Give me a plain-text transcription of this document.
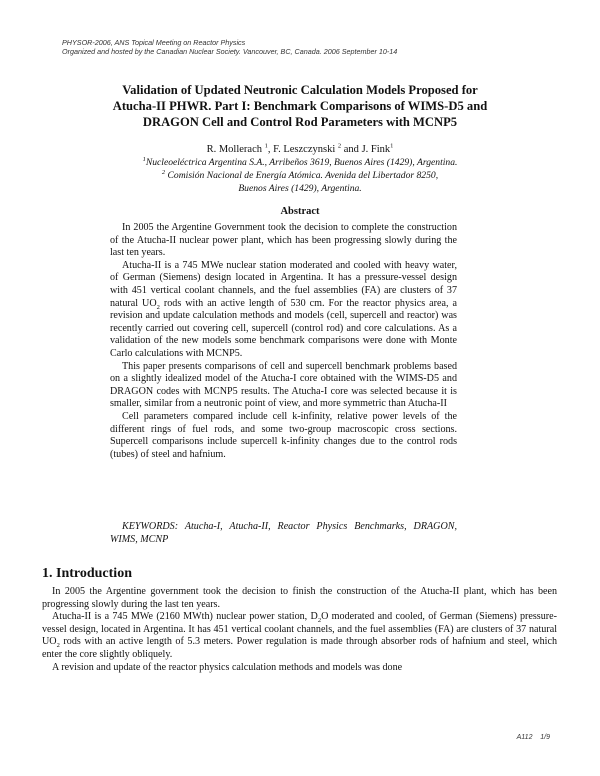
PHYSOR-2006, ANS Topical Meeting on Reactor Physics
Organized and hosted by the Canadian Nuclear Society. Vancouver, BC, Canada. 2006 September 10-14
Validation of Updated Neutronic Calculation Models Proposed for
Atucha-II PHWR. Part I: Benchmark Comparisons of WIMS-D5 and
DRAGON Cell and Control Rod Parameters with MCNP5
R. Mollerach $^1$, F. Leszczynski $^2$ and J. Fink$^1$
$^1$Nucleoeléctrica Argentina S.A., Arribeños 3619, Buenos Aires (1429), Argentina.
$^2$ Comisión Nacional de Energía Atómica. Avenida del Libertador 8250,
Buenos Aires (1429), Argentina.
Abstract

In 2005 the Argentine Government took the decision to complete the construction of the Atucha-II nuclear power plant, which has been progressing slowly during the last ten years.

Atucha-II is a 745 MWe nuclear station moderated and cooled with heavy water, of German (Siemens) design located in Argentina. It has a pressure-vessel design with 451 vertical coolant channels, and the fuel assemblies (FA) are clusters of 37 natural $UO_2$ rods with an active length of 530 cm. For the reactor physics area, a revision and update calculation methods and models (cell, supercell and reactor) was recently carried out covering cell, supercell (control rod) and core calculations. As a validation of the new models some benchmark comparisons were done with Monte Carlo calculations with MCNP5.

This paper presents comparisons of cell and supercell benchmark problems based on a slightly idealized model of the Atucha-I core obtained with the WIMS-D5 and DRAGON codes with MCNP5 results. The Atucha-I core was selected because it is smaller, similar from a neutronic point of view, and more symmetric than Atucha-II

Cell parameters compared include cell k-infinity, relative power levels of the different rings of fuel rods, and some two-group macroscopic cross sections. Supercell comparisons include supercell k-infinity changes due to the control rods (tubes) of steel and hafnium.

KEYWORDS: Atucha-I, Atucha-II, Reactor Physics Benchmarks, DRAGON, WIMS, MCNP
1. Introduction

In 2005 the Argentine government took the decision to finish the construction of the Atucha-II plant, which has been progressing slowly during the last ten years.

Atucha-II is a 745 MWe (2160 MWth) nuclear power station, $D_2O$ moderated and cooled, of German (Siemens) pressure-vessel design, located in Argentina. It has 451 vertical coolant channels, and the fuel assemblies (FA) are clusters of 37 natural $UO_2$ rods with an active length of 5.3 meters. Power regulation is made through absorber rods of hafnium and steel, which enter the core slightly obliquely.

A revision and update of the reactor physics calculation methods and models was done

A112 1/9
